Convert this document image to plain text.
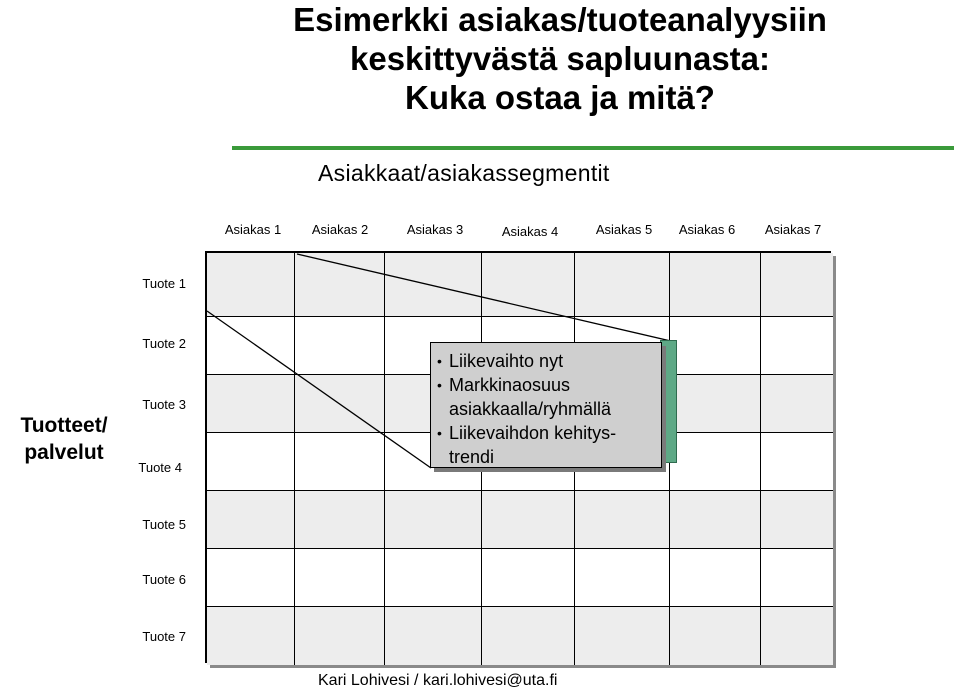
Esimerkki asiakas/tuoteanalyysiin
keskittyvästä sapluunasta:
Kuka ostaa ja mitä?
Asiakkaat/asiakassegmentit
Asiakas 1	Asiakas 2	Asiakas 3	Asiakas 4	Asiakas 5	Asiakas 6	Asiakas 7
Tuote 1
Tuote 2
Tuote 3
Tuote 4
Tuote 5
Tuote 6
Tuote 7
Tuotteet/
palvelut
• Liikevaihto nyt
• Markkinaosuus asiakkaalla/ryhmällä
• Liikevaihdon kehitys-trendi
Kari Lohivesi / kari.lohivesi@uta.fi
